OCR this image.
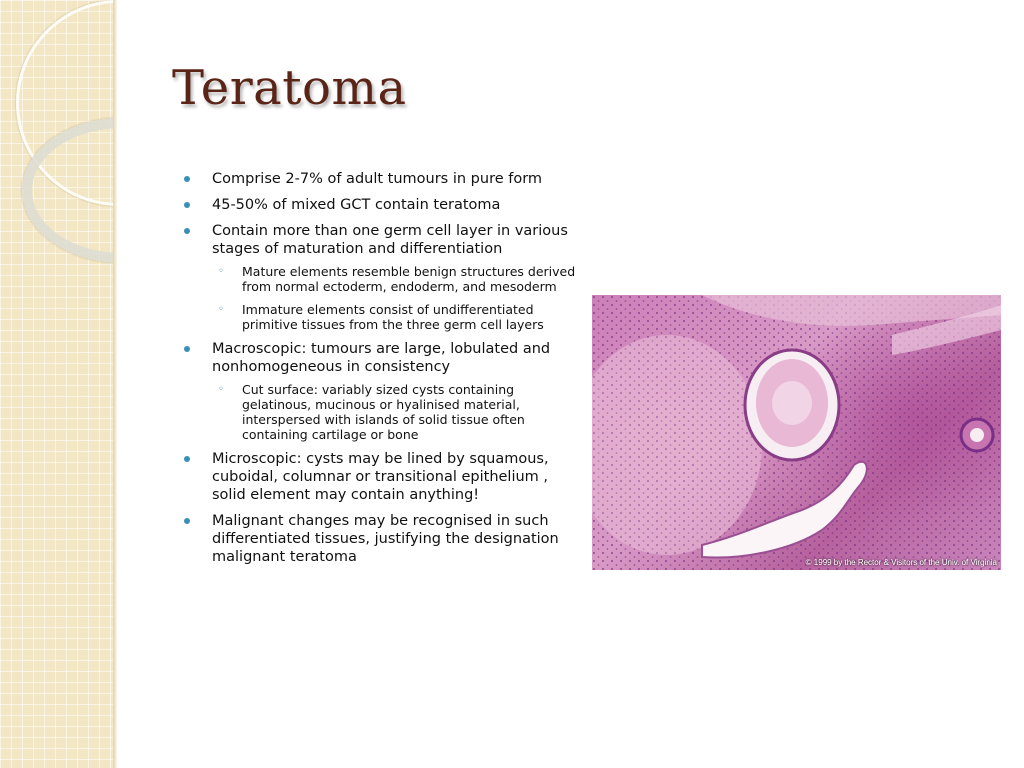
Teratoma
Comprise 2-7% of adult tumours in pure form
45-50% of mixed GCT contain teratoma
Contain more than one germ cell layer in various stages of maturation and differentiation
◦ Mature elements resemble benign structures derived from normal ectoderm, endoderm, and mesoderm
◦ Immature elements consist of undifferentiated primitive tissues from the three germ cell layers
Macroscopic: tumours are large, lobulated and nonhomogeneous in consistency
◦ Cut surface: variably sized cysts containing gelatinous, mucinous or hyalinised material, interspersed with islands of solid tissue often containing cartilage or bone
Microscopic: cysts may be lined by squamous, cuboidal, columnar or transitional epithelium , solid element may contain anything!
Malignant changes may be recognised in such differentiated tissues, justifying the designation malignant teratoma	© 1999 by the Rector & Visitors of the Univ. of Virginia
